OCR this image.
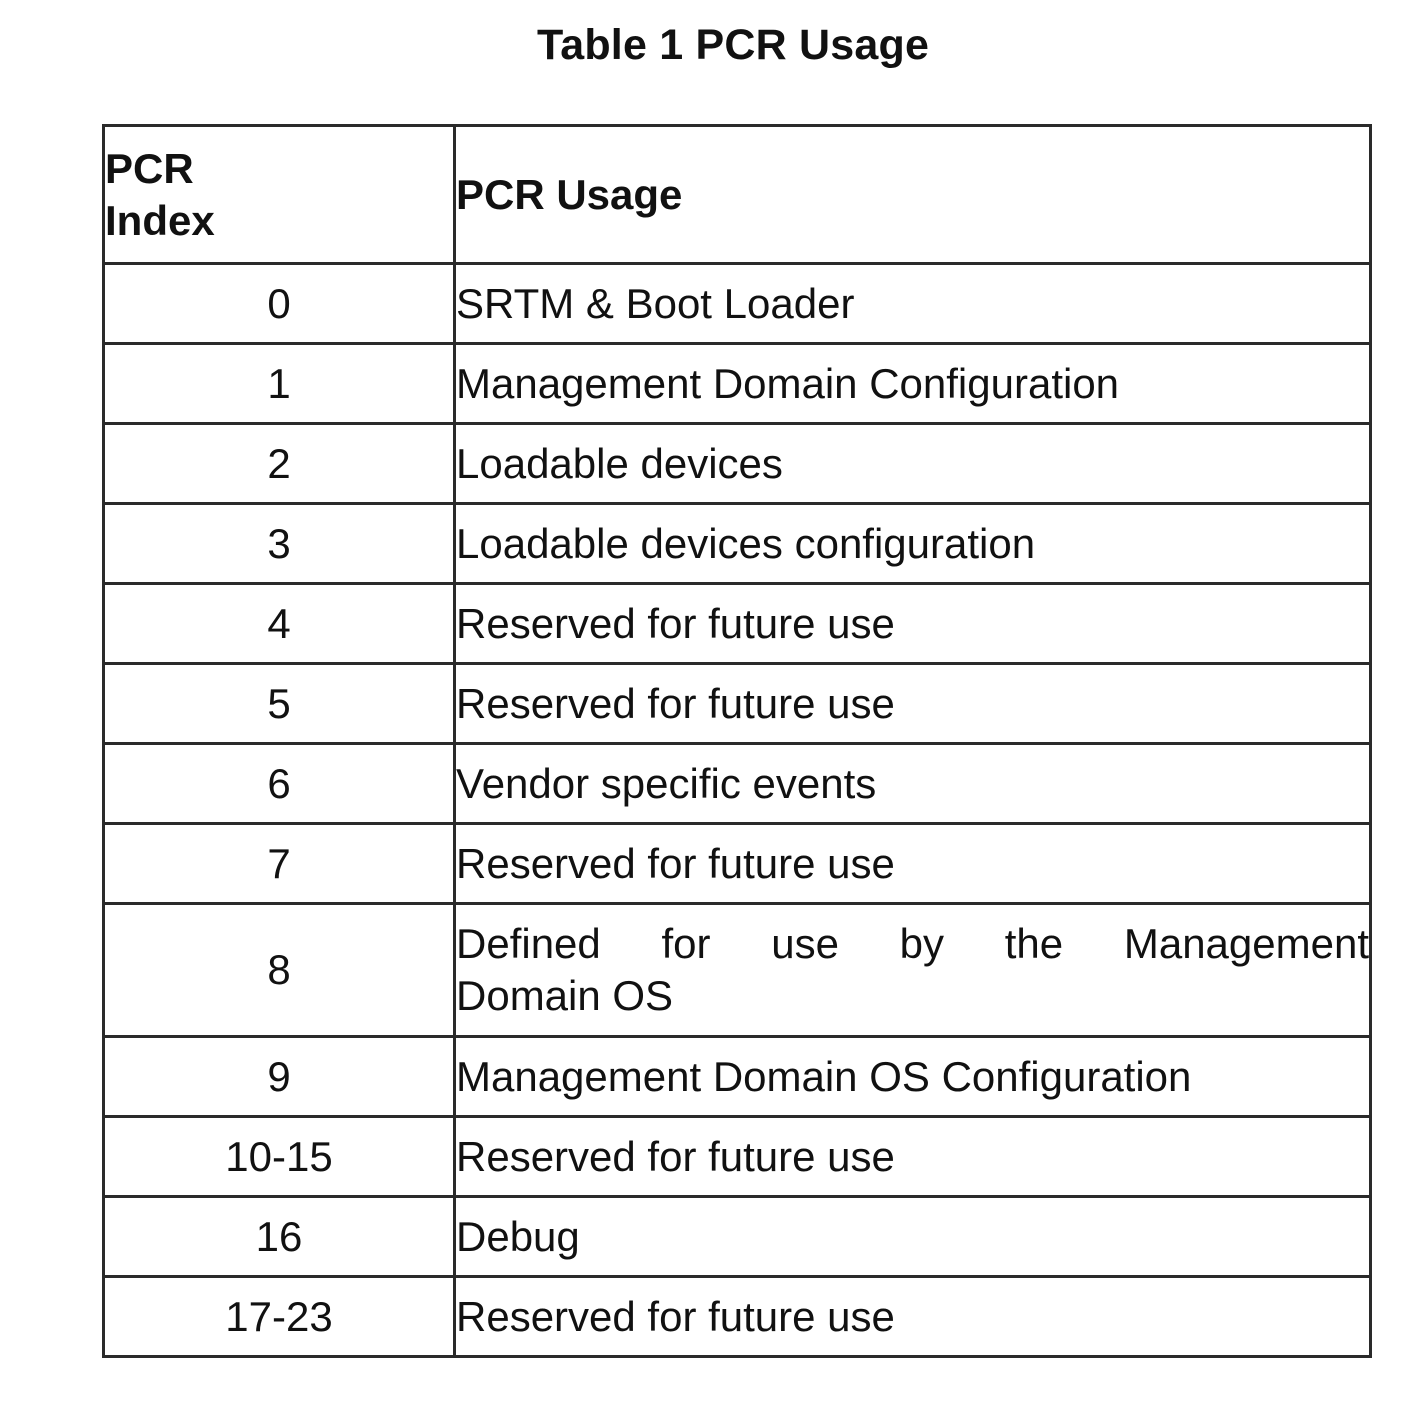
Table 1 PCR Usage
PCR
Index	PCR Usage
0	SRTM & Boot Loader
1	Management Domain Configuration
2	Loadable devices
3	Loadable devices configuration
4	Reserved for future use
5	Reserved for future use
6	Vendor specific events
7	Reserved for future use
8	Defined for use by the Management
Domain OS

9	Management Domain OS Configuration
10-15	Reserved for future use
16	Debug
17-23	Reserved for future use
